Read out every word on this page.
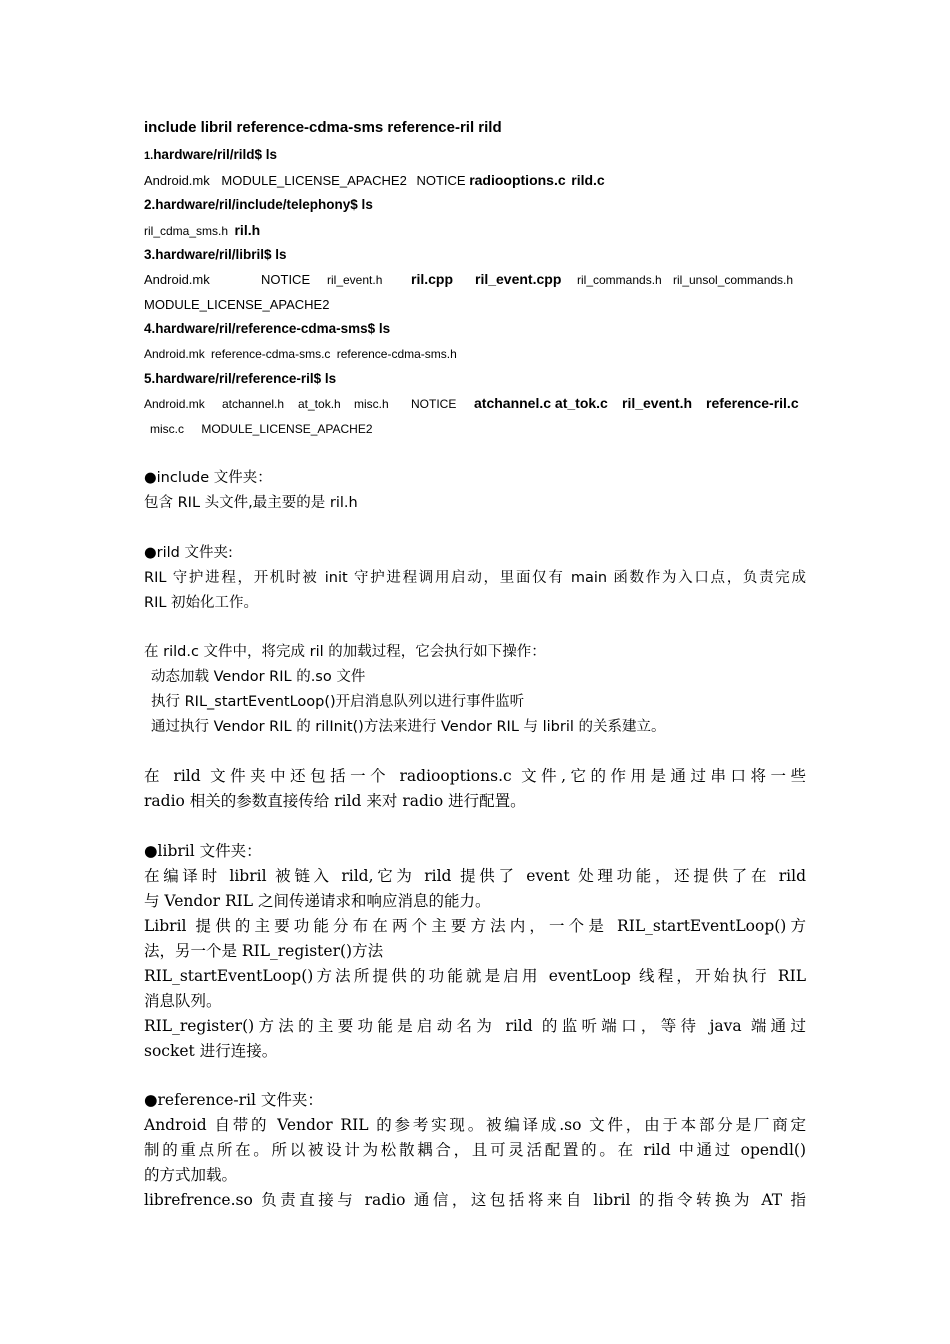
include libril reference-cdma-sms reference-ril rild
1.hardware/ril/rild$ ls
Android.mk MODULE_LICENSE_APACHE2 NOTICE radiooptions.c rild.c
2.hardware/ril/include/telephony$ ls
ril_cdma_sms.h ril.h
3.hardware/ril/libril$ ls
Android.mk	NOTICE ril_event.h ril.cpp ril_event.cpp ril_commands.h ril_unsol_commands.h
MODULE_LICENSE_APACHE2
4.hardware/ril/reference-cdma-sms$ ls
Android.mk reference-cdma-sms.c reference-cdma-sms.h
5.hardware/ril/reference-ril$ ls
Android.mk atchannel.h at_tok.h misc.h NOTICE atchannel.c at_tok.c ril_event.h reference-ril.c
misc.c MODULE_LICENSE_APACHE2
●include 文件夹：
包含 RIL 头文件,最主要的是 ril.h
●rild 文件夹:
RIL 守护进程，开机时被 init 守护进程调用启动，里面仅有 main 函数作为入口点，负责完成
RIL 初始化工作。
在 rild.c 文件中，将完成 ril 的加载过程，它会执行如下操作：
动态加载 Vendor RIL 的.so 文件
执行 RIL_startEventLoop()开启消息队列以进行事件监听
通过执行 Vendor RIL 的 rilInit()方法来进行 Vendor RIL 与 libril 的关系建立。
在 rild 文件夹中还包括一个 radiooptions.c 文件,它的作用是通过串口将一些
radio 相关的参数直接传给 rild 来对 radio 进行配置。
●libril 文件夹：
在编译时 libril 被链入 rild,它为 rild 提供了 event 处理功能，还提供了在 rild
与 Vendor RIL 之间传递请求和响应消息的能力。
Libril 提供的主要功能分布在两个主要方法内，一个是 RIL_startEventLoop()方
法，另一个是 RIL_register()方法
RIL_startEventLoop()方法所提供的功能就是启用 eventLoop 线程，开始执行 RIL
消息队列。
RIL_register()方法的主要功能是启动名为 rild 的监听端口，等待 java 端通过
socket 进行连接。
●reference-ril 文件夹：
Android 自带的 Vendor RIL 的参考实现。被编译成.so 文件，由于本部分是厂商定
制的重点所在。所以被设计为松散耦合，且可灵活配置的。在 rild 中通过 opendl()
的方式加载。
librefrence.so 负责直接与 radio 通信，这包括将来自 libril 的指令转换为 AT 指
